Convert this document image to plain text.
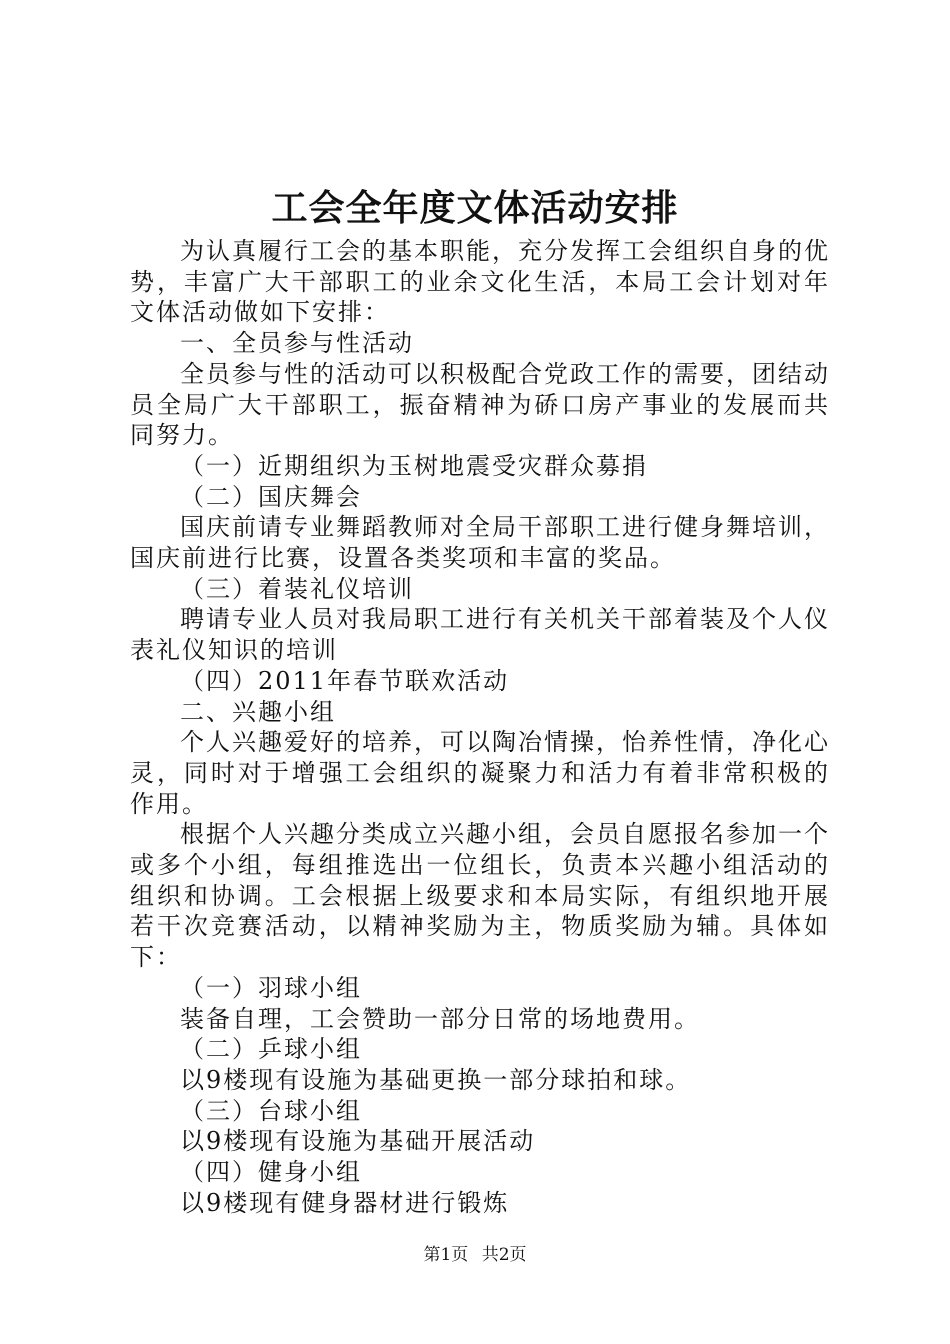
工会全年度文体活动安排

为认真履行工会的基本职能，充分发挥工会组织自身的优势，丰富广大干部职工的业余文化生活，本局工会计划对年文体活动做如下安排：

一、全员参与性活动

全员参与性的活动可以积极配合党政工作的需要，团结动员全局广大干部职工，振奋精神为硚口房产事业的发展而共同努力。

（一）近期组织为玉树地震受灾群众募捐

（二）国庆舞会

国庆前请专业舞蹈教师对全局干部职工进行健身舞培训，国庆前进行比赛，设置各类奖项和丰富的奖品。

（三）着装礼仪培训

聘请专业人员对我局职工进行有关机关干部着装及个人仪表礼仪知识的培训

（四）2011年春节联欢活动

二、兴趣小组

个人兴趣爱好的培养，可以陶冶情操，怡养性情，净化心灵，同时对于增强工会组织的凝聚力和活力有着非常积极的作用。

根据个人兴趣分类成立兴趣小组，会员自愿报名参加一个或多个小组，每组推选出一位组长，负责本兴趣小组活动的组织和协调。工会根据上级要求和本局实际，有组织地开展若干次竞赛活动，以精神奖励为主，物质奖励为辅。具体如下：

（一）羽球小组

装备自理，工会赞助一部分日常的场地费用。

（二）乒球小组

以9楼现有设施为基础更换一部分球拍和球。

（三）台球小组

以9楼现有设施为基础开展活动

（四）健身小组

以9楼现有健身器材进行锻炼

第1页 共2页
